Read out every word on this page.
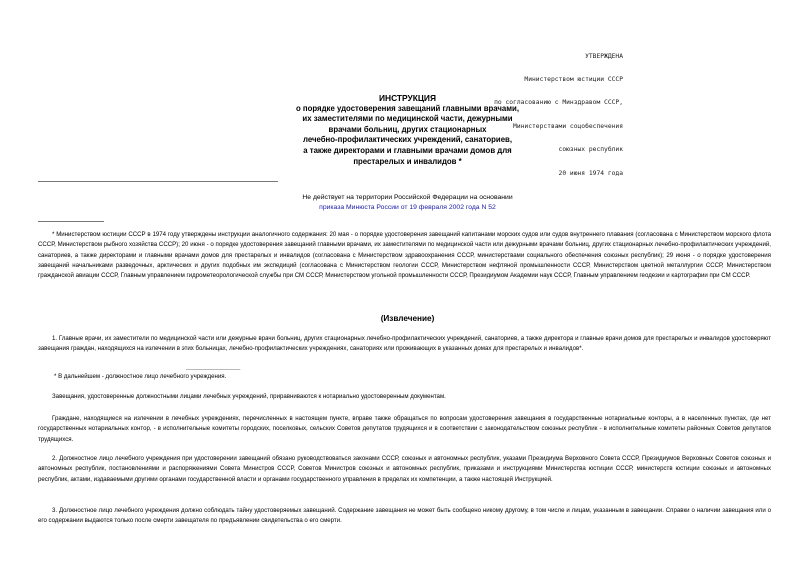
УТВЕРЖДЕНА

Министерством юстиции СССР

по согласованию с Минздравом СССР,

Министерствами соцобеспечения

союзных республик

20 июня 1974 года

ИНСТРУКЦИЯ
о порядке удостоверения завещаний главными врачами,
их заместителями по медицинской части, дежурными
врачами больниц, других стационарных
лечебно-профилактических учреждений, санаториев,
а также директорами и главными врачами домов для
престарелых и инвалидов *
Не действует на территории Российской Федерации на основании
приказа Минюста России от 19 февраля 2002 года N 52
* Министерством юстиции СССР в 1974 году утверждены инструкции аналогичного содержания: 20 мая - о порядке удостоверения завещаний капитанами морских судов или судов внутреннего плавания (согласована с Министерством морского флота СССР, Министерством рыбного хозяйства СССР); 20 июня - о порядке удостоверения завещаний главными врачами, их заместителями по медицинской части или дежурными врачами больниц, других стационарных лечебно-профилактических учреждений, санаториев, а также директорами и главными врачами домов для престарелых и инвалидов (согласована с Министерством здравоохранения СССР, министерствами социального обеспечения союзных республик); 29 июня - о порядке удостоверения завещаний начальниками разведочных, арктических и других подобных им экспедиций (согласована с Министерством геологии СССР, Министерством нефтяной промышленности СССР, Министерством цветной металлургии СССР, Министерством гражданской авиации СССР, Главным управлением гидрометеорологической службы при СМ СССР, Министерством угольной промышленности СССР, Президиумом Академии наук СССР, Главным управлением геодезии и картографии при СМ СССР.
(Извлечение)
1. Главные врачи, их заместители по медицинской части или дежурные врачи больниц, других стационарных лечебно-профилактических учреждений, санаториев, а также директора и главные врачи домов для престарелых и инвалидов удостоверяют завещания граждан, находящихся на излечении в этих больницах, лечебно-профилактических учреждениях, санаториях или проживающих в указанных домах для престарелых и инвалидов*.
________________
* В дальнейшем - должностное лицо лечебного учреждения.
Завещания, удостоверенные должностными лицами лечебных учреждений, приравниваются к нотариально удостоверенным документам.
Граждане, находящиеся на излечении в лечебных учреждениях, перечисленных в настоящем пункте, вправе также обращаться по вопросам удостоверения завещания в государственные нотариальные конторы, а в населенных пунктах, где нет государственных нотариальных контор, - в исполнительные комитеты городских, поселковых, сельских Советов депутатов трудящихся и в соответствии с законодательством союзных республик - в исполнительные комитеты районных Советов депутатов трудящихся.
2. Должностное лицо лечебного учреждения при удостоверении завещаний обязано руководствоваться законами СССР, союзных и автономных республик, указами Президиума Верховного Совета СССР, Президиумов Верховных Советов союзных и автономных республик, постановлениями и распоряжениями Совета Министров СССР, Советов Министров союзных и автономных республик, приказами и инструкциями Министерства юстиции СССР, министерств юстиции союзных и автономных республик, актами, издаваемыми другими органами государственной власти и органами государственного управления в пределах их компетенции, а также настоящей Инструкцией.
3. Должностное лицо лечебного учреждения должно соблюдать тайну удостоверяемых завещаний. Содержание завещания не может быть сообщено никому другому, в том числе и лицам, указанным в завещании. Справки о наличии завещания или о его содержании выдаются только после смерти завещателя по предъявлении свидетельства о его смерти.
